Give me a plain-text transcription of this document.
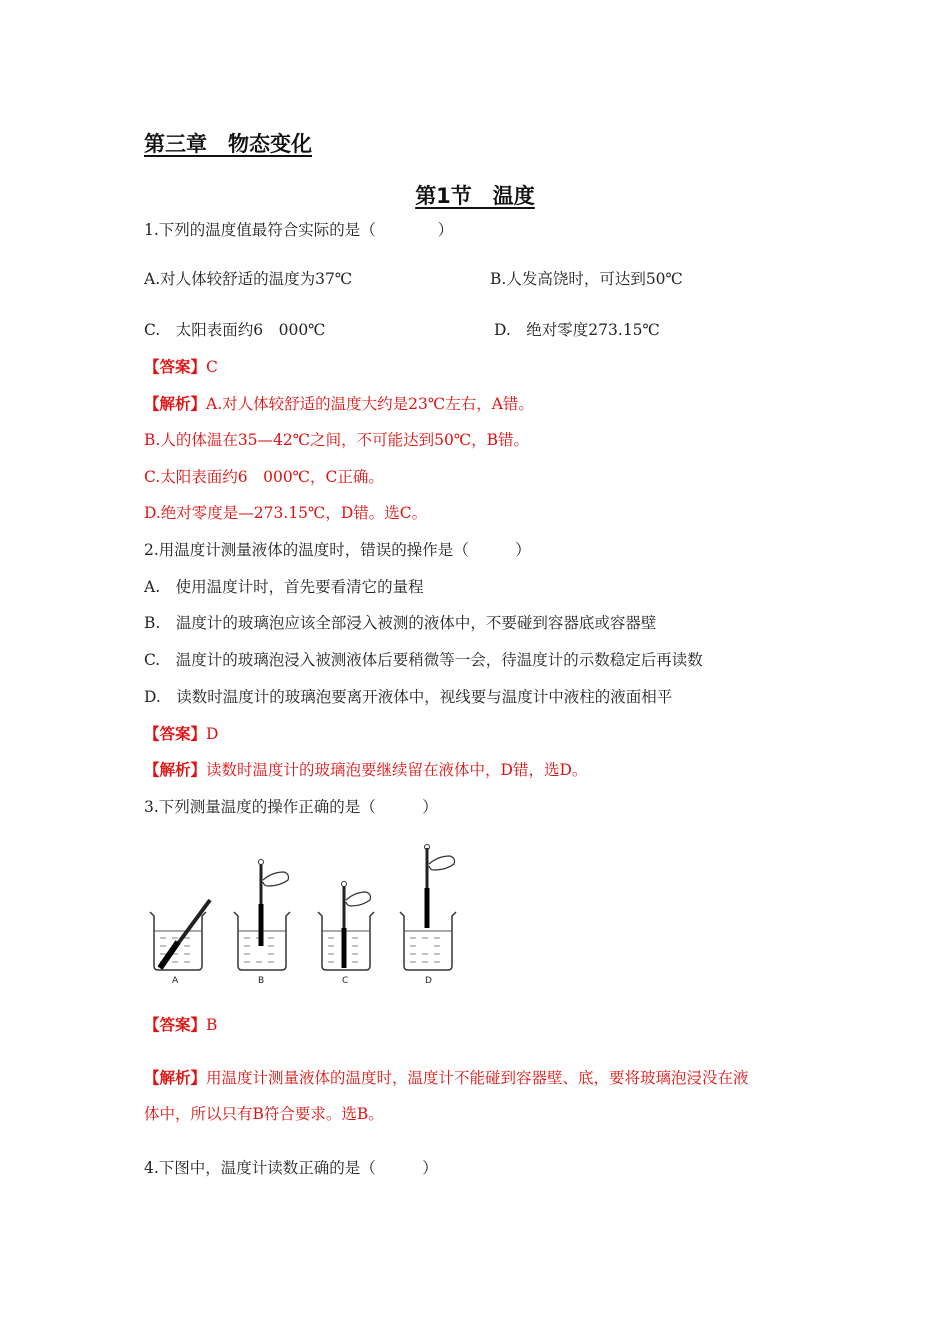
第三章　物态变化
第1节　温度
1.下列的温度值最符合实际的是（　　　　）
A.对人体较舒适的温度为37℃	B.人发高饶时，可达到50℃
C.　太阳表面约6　000℃	D.　绝对零度273.15℃
【答案】C
【解析】A.对人体较舒适的温度大约是23℃左右，A错。
B.人的体温在35—42℃之间，不可能达到50℃，B错。
C.太阳表面约6　000℃，C正确。
D.绝对零度是—273.15℃，D错。选C。
2.用温度计测量液体的温度时，错误的操作是（　　　）
A.　使用温度计时，首先要看清它的量程
B.　温度计的玻璃泡应该全部浸入被测的液体中，不要碰到容器底或容器壁
C.　温度计的玻璃泡浸入被测液体后要稍微等一会，待温度计的示数稳定后再读数
D.　读数时温度计的玻璃泡要离开液体中，视线要与温度计中液柱的液面相平
【答案】D
【解析】读数时温度计的玻璃泡要继续留在液体中，D错，选D。
3.下列测量温度的操作正确的是（　　　）
A	B	C	D
【答案】B
【解析】用温度计测量液体的温度时，温度计不能碰到容器壁、底，要将玻璃泡浸没在液
体中，所以只有B符合要求。选B。
4.下图中，温度计读数正确的是（　　　）
